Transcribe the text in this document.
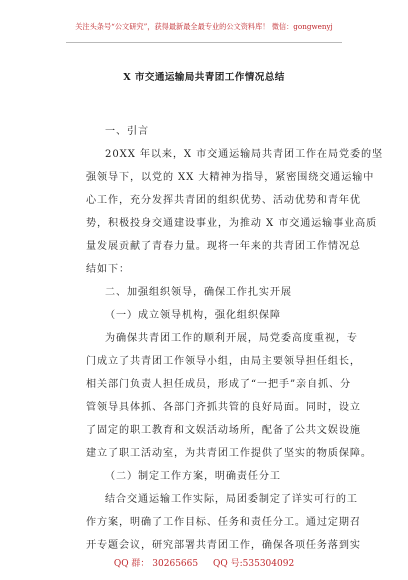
关注头条号“公文研究”，获得最新最全最专业的公文资料库！ 微信：gongwenyj
X 市交通运输局共青团工作情况总结
一、引言
20XX 年以来，X 市交通运输局共青团工作在局党委的坚
强领导下，以党的 XX 大精神为指导，紧密围绕交通运输中
心工作，充分发挥共青团的组织优势、活动优势和青年优
势，积极投身交通建设事业，为推动 X 市交通运输事业高质
量发展贡献了青春力量。现将一年来的共青团工作情况总
结如下：
二、加强组织领导，确保工作扎实开展
（一）成立领导机构，强化组织保障
为确保共青团工作的顺利开展，局党委高度重视，专
门成立了共青团工作领导小组，由局主要领导担任组长，
相关部门负责人担任成员，形成了“一把手”亲自抓、分
管领导具体抓、各部门齐抓共管的良好局面。同时，设立
了固定的职工教育和文娱活动场所，配备了公共文娱设施
建立了职工活动室，为共青团工作提供了坚实的物质保障。
（二）制定工作方案，明确责任分工
结合交通运输工作实际，局团委制定了详实可行的工
作方案，明确了工作目标、任务和责任分工。通过定期召
开专题会议，研究部署共青团工作，确保各项任务落到实
QQ 群： 30265665 QQ 号:535304092
